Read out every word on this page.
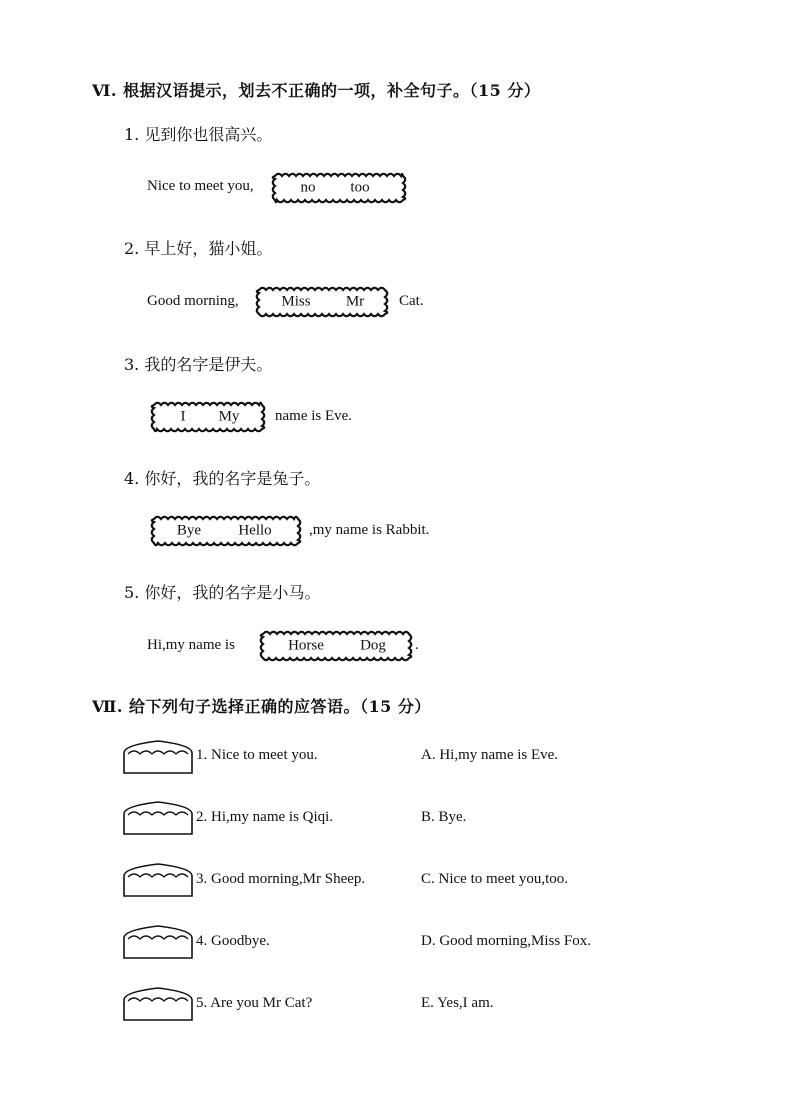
Ⅵ. 根据汉语提示，划去不正确的一项，补全句子。（15 分）
1. 见到你也很高兴。
Nice to meet you,	no too .
2. 早上好，猫小姐。
Good morning,	Miss Mr Cat.
3. 我的名字是伊夫。
I My name is Eve.
4. 你好，我的名字是兔子。
Bye Hello ,my name is Rabbit.
5. 你好，我的名字是小马。
Hi,my name is	Horse Dog .
Ⅶ. 给下列句子选择正确的应答语。（15 分）
1. Nice to meet you.	A. Hi,my name is Eve.
2. Hi,my name is Qiqi.	B. Bye.
3. Good morning,Mr Sheep.	C. Nice to meet you,too.
4. Goodbye.	D. Good morning,Miss Fox.
5. Are you Mr Cat?	E. Yes,I am.
